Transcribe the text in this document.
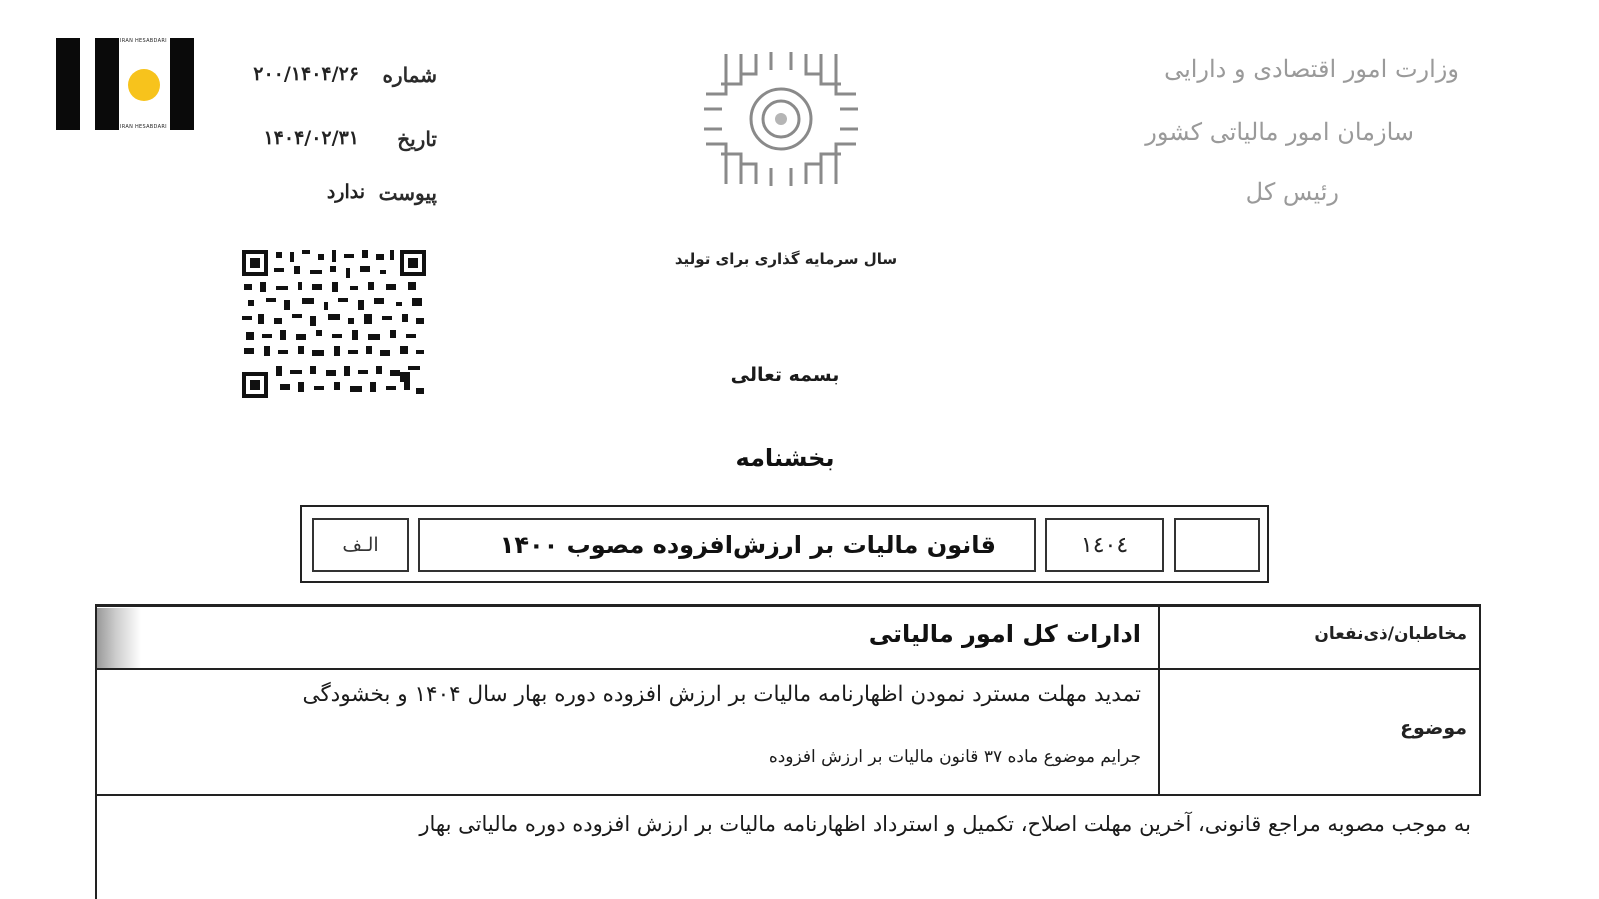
IRAN HESABDARI
IRAN HESABDARI
شماره
۲۰۰/۱۴۰۴/۲۶
تاریخ
۱۴۰۴/۰۲/۳۱
پیوست
ندارد
وزارت امور اقتصادی و دارایی
سازمان امور مالیاتی کشور
رئیس کل
سال سرمایه گذاری برای تولید
بسمه تعالی
بخشنامه
١٤٠٤
قانون مالیات بر ارزش‌افزوده مصوب ۱۴۰۰
الـف
مخاطبان/ذی‌نفعان
ادارات کل امور مالیاتی
موضوع
تمدید مهلت مسترد نمودن اظهارنامه مالیات بر ارزش افزوده دوره بهار سال ۱۴۰۴ و بخشودگی
جرایم موضوع ماده ۳۷ قانون مالیات بر ارزش افزوده
به موجب مصوبه مراجع قانونی، آخرین مهلت اصلاح، تکمیل و استرداد اظهارنامه مالیات بر ارزش افزوده دوره مالیاتی بهار
